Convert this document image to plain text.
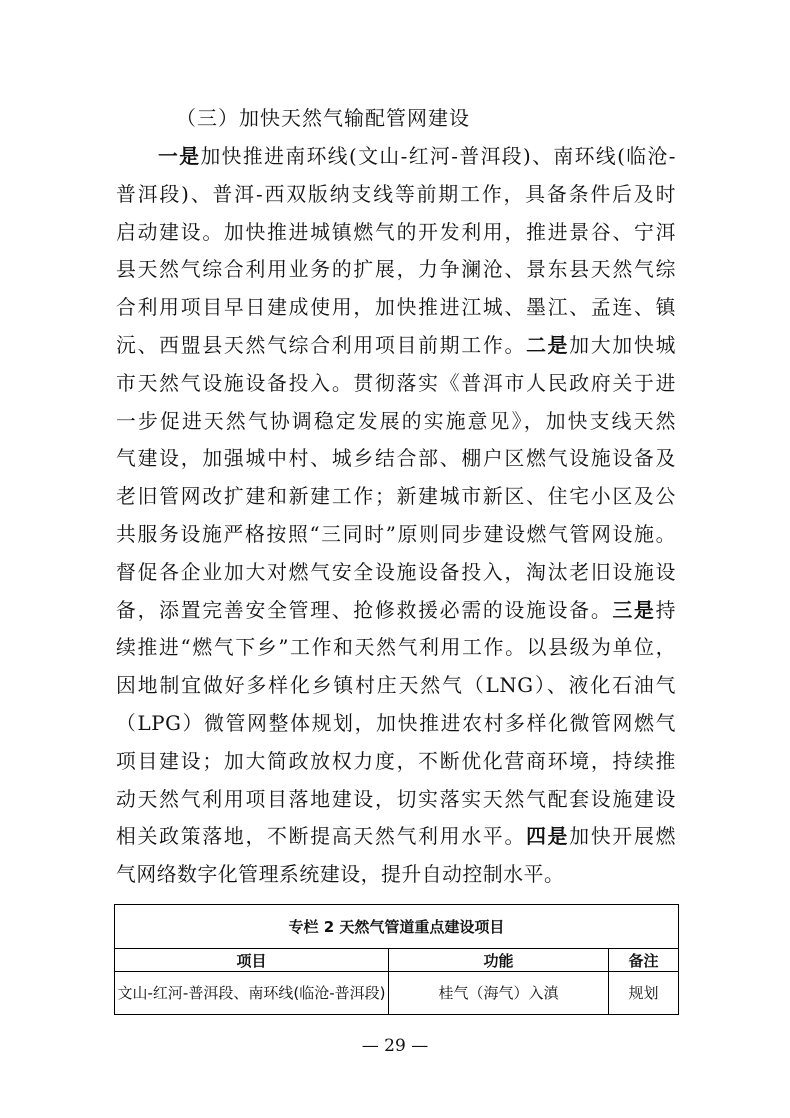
（三）加快天然气输配管网建设
一是加快推进南环线(文山-红河-普洱段)、南环线(临沧-
普洱段)、普洱-西双版纳支线等前期工作，具备条件后及时
启动建设。加快推进城镇燃气的开发利用，推进景谷、宁洱
县天然气综合利用业务的扩展，力争澜沧、景东县天然气综
合利用项目早日建成使用，加快推进江城、墨江、孟连、镇
沅、西盟县天然气综合利用项目前期工作。二是加大加快城
市天然气设施设备投入。贯彻落实《普洱市人民政府关于进
一步促进天然气协调稳定发展的实施意见》，加快支线天然
气建设，加强城中村、城乡结合部、棚户区燃气设施设备及
老旧管网改扩建和新建工作；新建城市新区、住宅小区及公
共服务设施严格按照“三同时”原则同步建设燃气管网设施。
督促各企业加大对燃气安全设施设备投入，淘汰老旧设施设
备，添置完善安全管理、抢修救援必需的设施设备。三是持
续推进“燃气下乡”工作和天然气利用工作。以县级为单位，
因地制宜做好多样化乡镇村庄天然气（LNG）、液化石油气
（LPG）微管网整体规划，加快推进农村多样化微管网燃气
项目建设；加大简政放权力度，不断优化营商环境，持续推
动天然气利用项目落地建设，切实落实天然气配套设施建设
相关政策落地，不断提高天然气利用水平。四是加快开展燃
气网络数字化管理系统建设，提升自动控制水平。
专栏 2 天然气管道重点建设项目		
项目	功能	备注
文山-红河-普洱段、南环线(临沧-普洱段)	桂气（海气）入滇	规划
— 29 —
